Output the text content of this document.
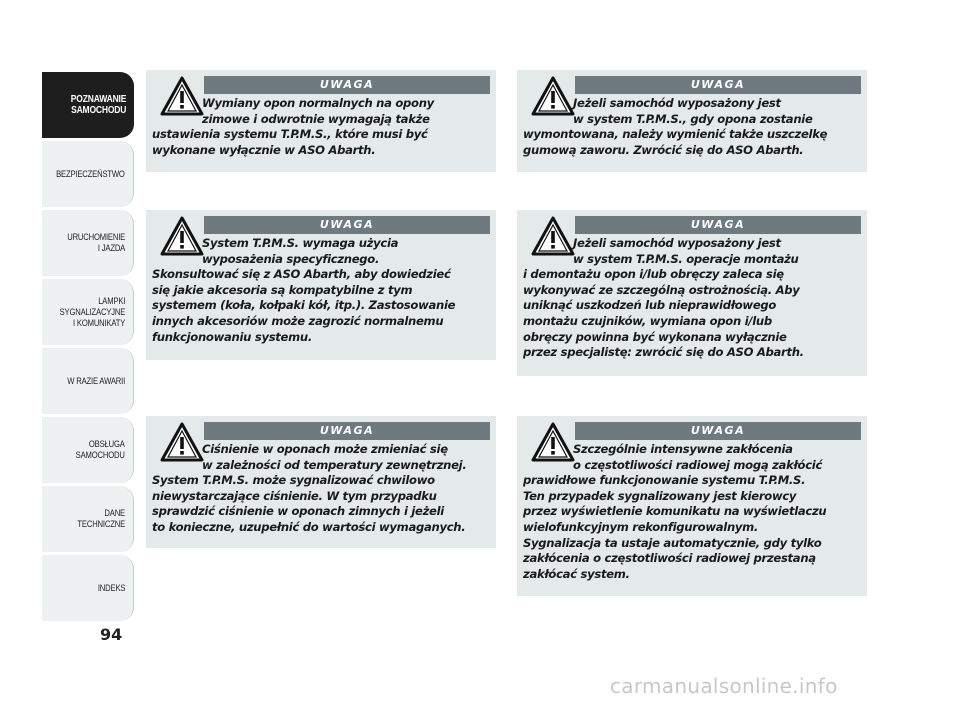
POZNAWANIE
SAMOCHODU
BEZPIECZEŃSTWO
URUCHOMIENIE
I JAZDA
LAMPKI
SYGNALIZACYJNE
I KOMUNIKATY
W RAZIE AWARII
OBSŁUGA
SAMOCHODU
DANE
TECHNICZNE
INDEKS
94
UWAGA
Wymiany opon normalnych na opony
zimowe i odwrotnie wymagają także
ustawienia systemu T.P.M.S., które musi być
wykonane wyłącznie w ASO Abarth.
UWAGA
System T.P.M.S. wymaga użycia
wyposażenia specyficznego.
Skonsultować się z ASO Abarth, aby dowiedzieć
się jakie akcesoria są kompatybilne z tym
systemem (koła, kołpaki kół, itp.). Zastosowanie
innych akcesoriów może zagrozić normalnemu
funkcjonowaniu systemu.
UWAGA
Ciśnienie w oponach może zmieniać się
w zależności od temperatury zewnętrznej.
System T.P.M.S. może sygnalizować chwilowo
niewystarczające ciśnienie. W tym przypadku
sprawdzić ciśnienie w oponach zimnych i jeżeli
to konieczne, uzupełnić do wartości wymaganych.
UWAGA
Jeżeli samochód wyposażony jest
w system T.P.M.S., gdy opona zostanie
wymontowana, należy wymienić także uszczelkę
gumową zaworu. Zwrócić się do ASO Abarth.
UWAGA
Jeżeli samochód wyposażony jest
w system T.P.M.S. operacje montażu
i demontażu opon i/lub obręczy zaleca się
wykonywać ze szczególną ostrożnością. Aby
uniknąć uszkodzeń lub nieprawidłowego
montażu czujników, wymiana opon i/lub
obręczy powinna być wykonana wyłącznie
przez specjalistę: zwrócić się do ASO Abarth.
UWAGA
Szczególnie intensywne zakłócenia
o częstotliwości radiowej mogą zakłócić
prawidłowe funkcjonowanie systemu T.P.M.S.
Ten przypadek sygnalizowany jest kierowcy
przez wyświetlenie komunikatu na wyświetlaczu
wielofunkcyjnym rekonfigurowalnym.
Sygnalizacja ta ustaje automatycznie, gdy tylko
zakłócenia o częstotliwości radiowej przestaną
zakłócać system.
carmanualsonline.info
